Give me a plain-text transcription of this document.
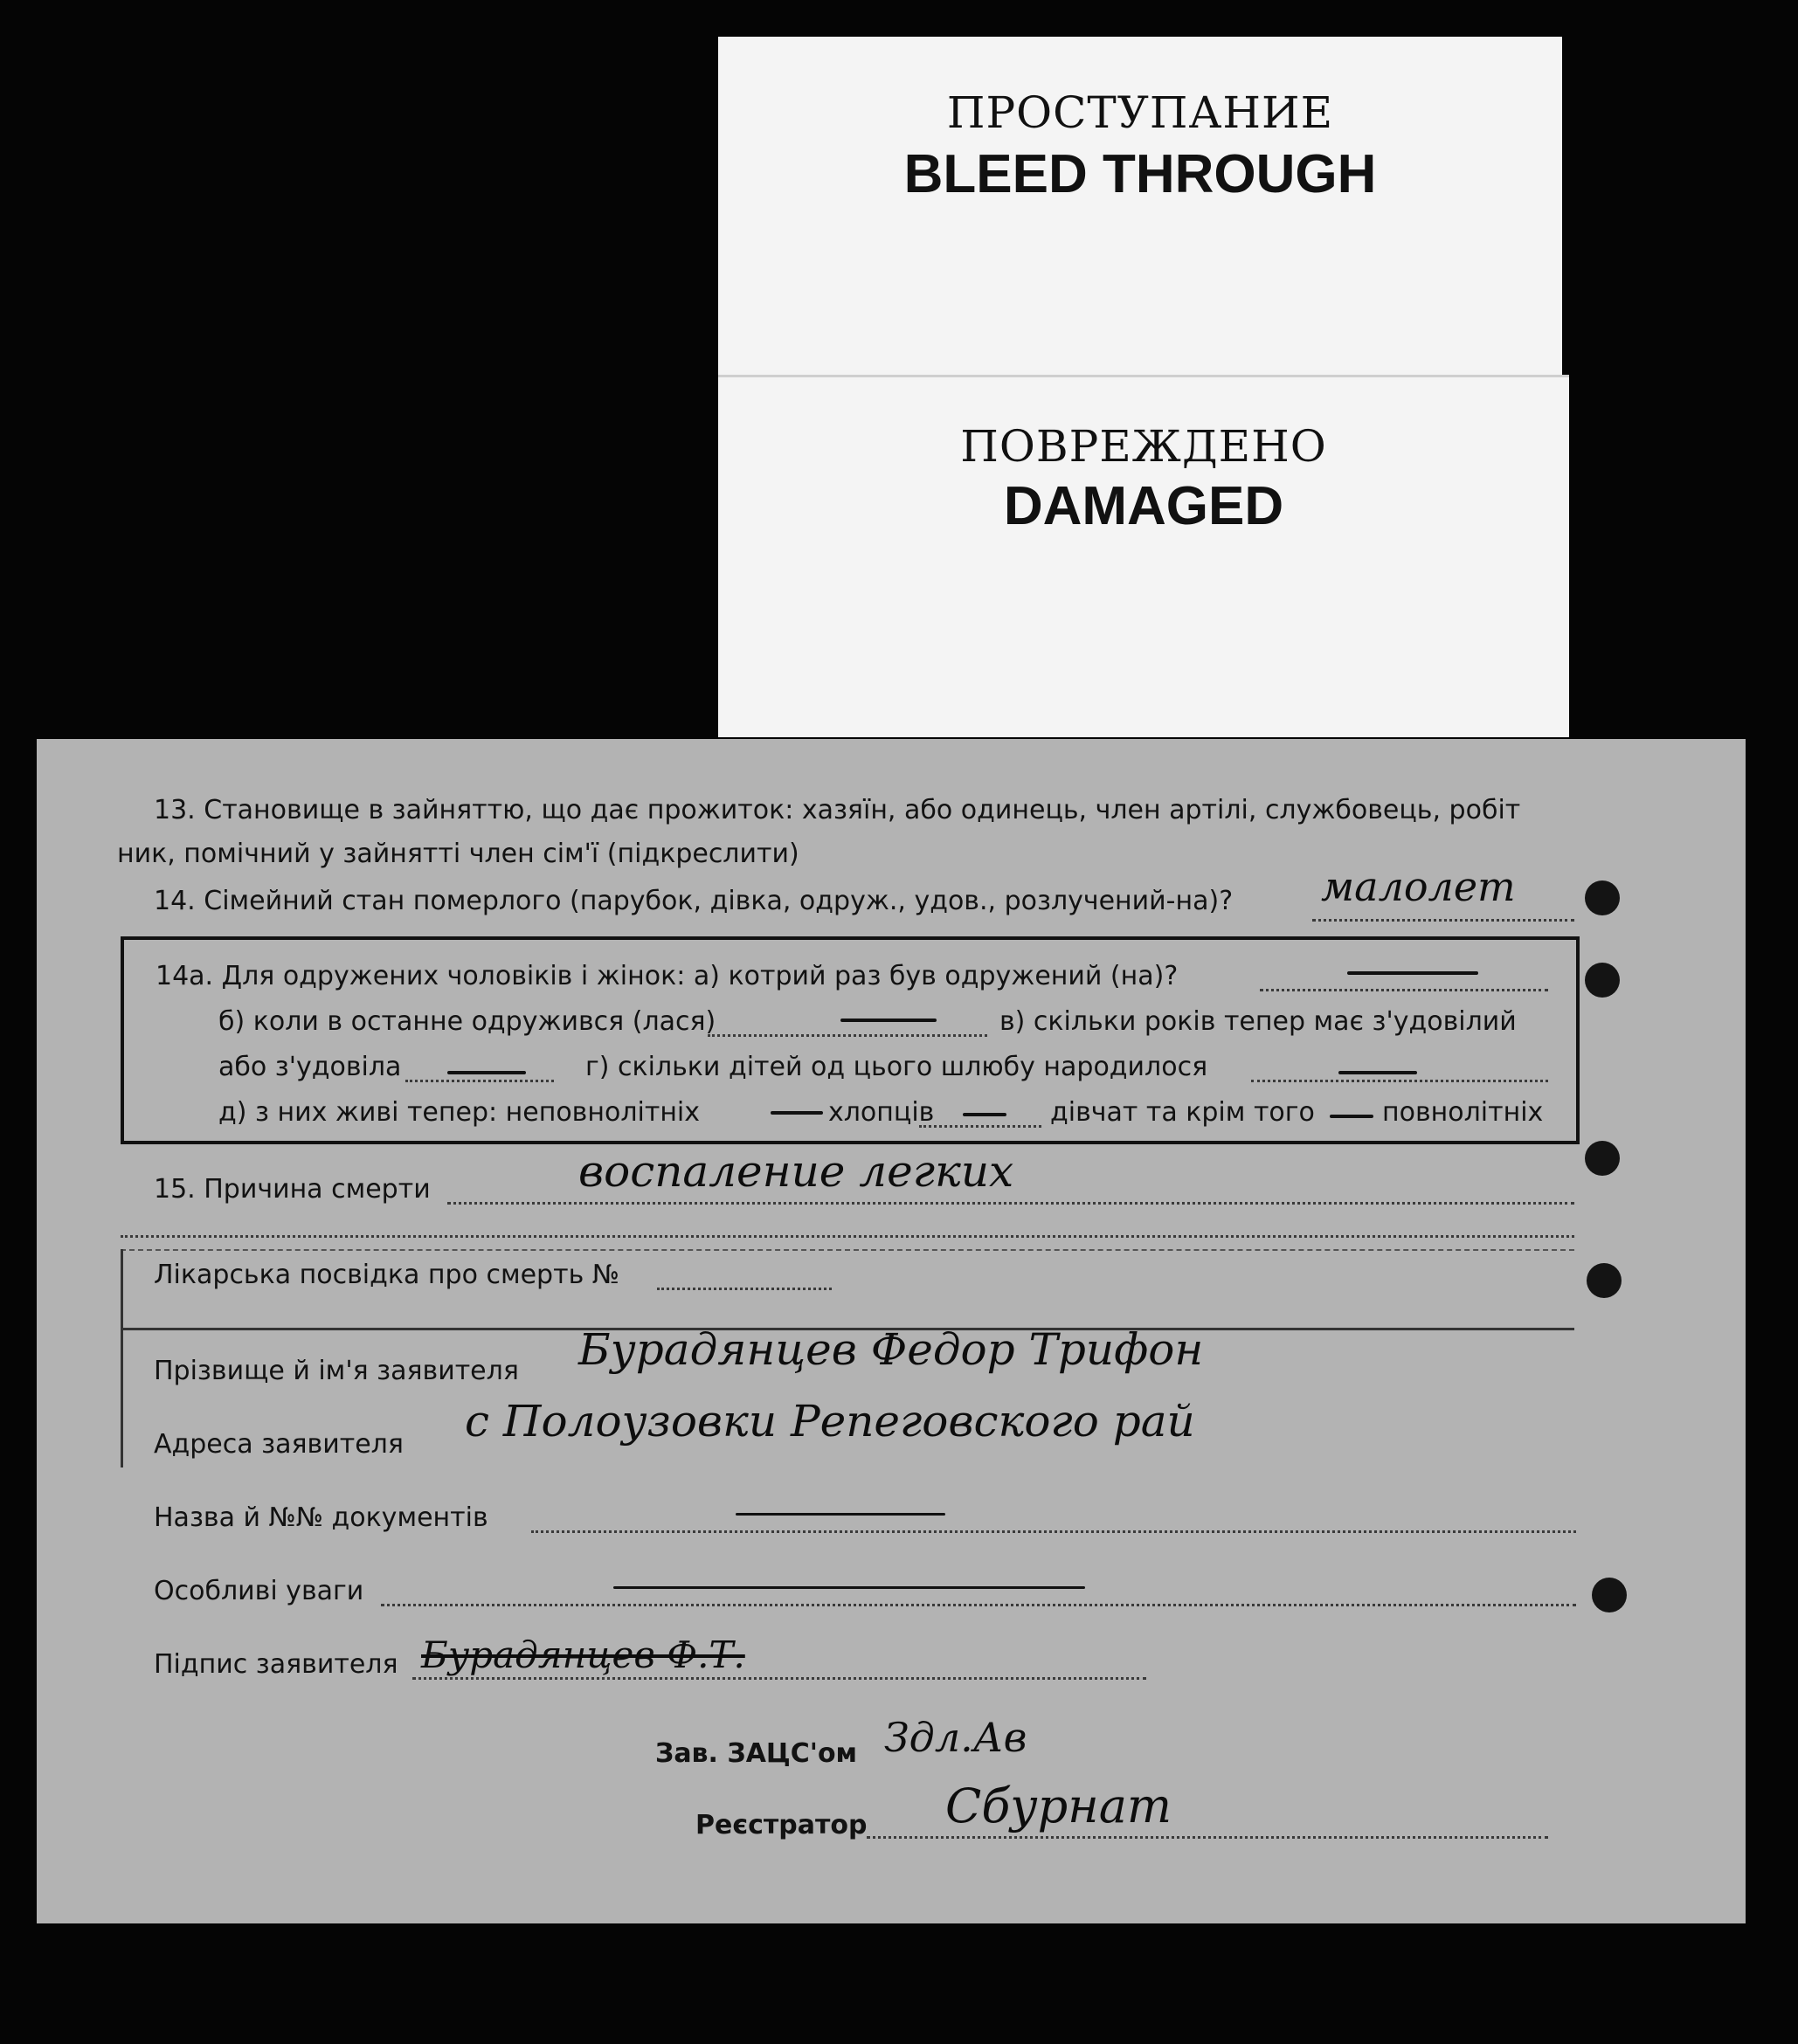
ПРОСТУПАНИЕ
BLEED THROUGH
ПОВРЕЖДЕНО
DAMAGED
13. Становище в зайняттю, що дає прожиток: хазяїн, або одинець, член артілі, службовець, робіт
ник, помічний у зайнятті член сім'ї (підкреслити)
14. Сімейний стан померлого (парубок, дівка, одруж., удов., розлучений-на)? малолет
14а. Для одружених чоловіків і жінок: а) котрий раз був одружений (на)?
б) коли в останне одружився (лася)	в) скільки років тепер має з'удовілий
або з'удовіла	г) скільки дітей од цього шлюбу народилося
д) з них живі тепер: неповнолітніх	хлопців	дівчат та крім того	повнолітніх
15. Причина смерти	воспаление легких
Лікарська посвідка про смерть №
Прізвище й ім'я заявителя Бурадянцев Федор Трифон
Адреса заявителя с Полоузовки Репеговского рай
Назва й №№ документів
Особливі уваги
Підпис заявителя Бурадянцев Ф.Т.
Зав. ЗАЦС'ом Здл.Ав
Реєстратор Сбурнат
